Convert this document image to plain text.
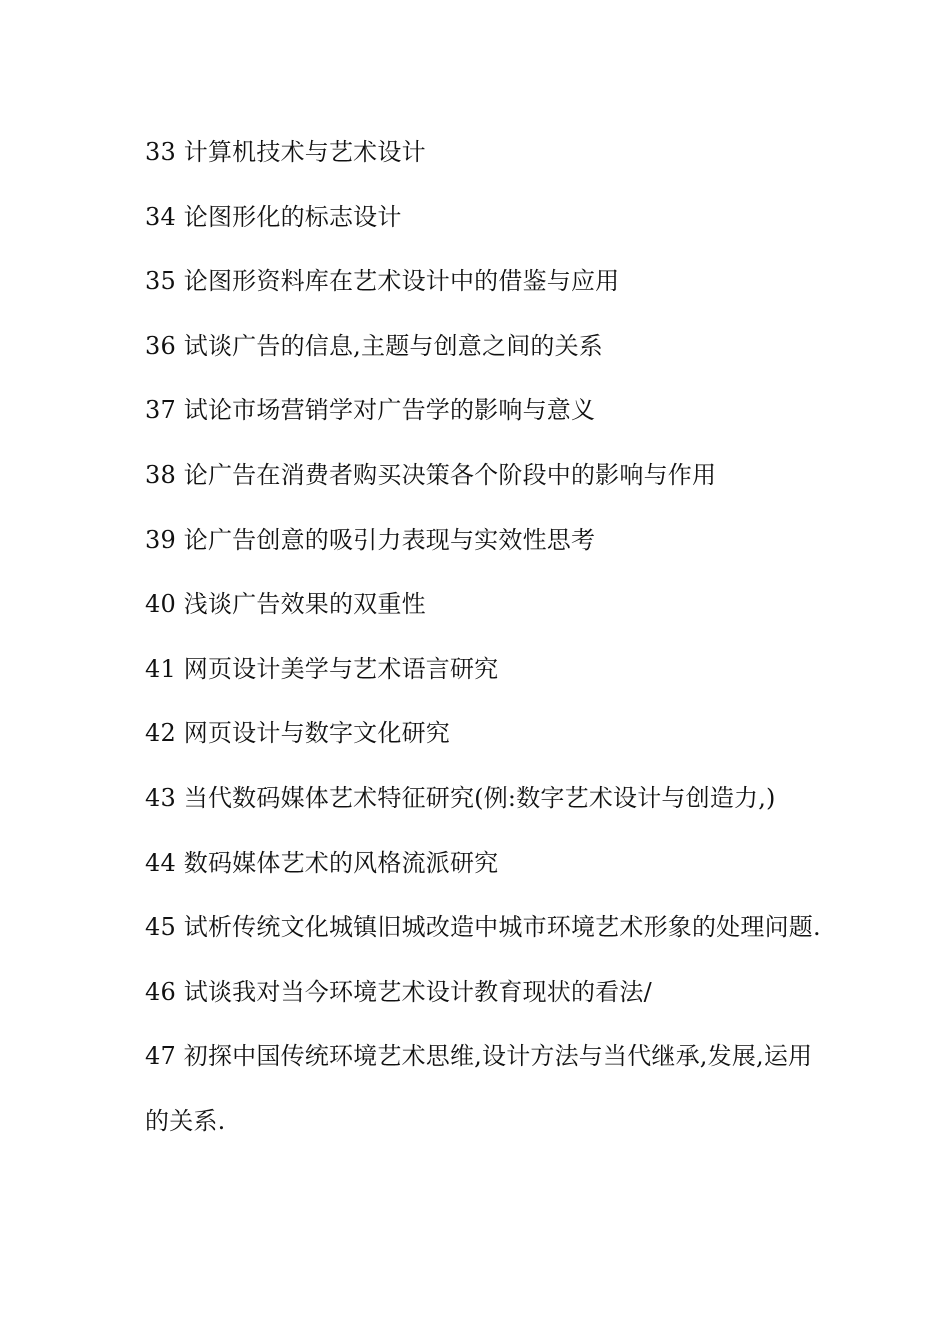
33 计算机技术与艺术设计

34 论图形化的标志设计

35 论图形资料库在艺术设计中的借鉴与应用

36 试谈广告的信息,主题与创意之间的关系

37 试论市场营销学对广告学的影响与意义

38 论广告在消费者购买决策各个阶段中的影响与作用

39 论广告创意的吸引力表现与实效性思考

40 浅谈广告效果的双重性

41 网页设计美学与艺术语言研究

42 网页设计与数字文化研究

43 当代数码媒体艺术特征研究(例:数字艺术设计与创造力,)

44 数码媒体艺术的风格流派研究

45 试析传统文化城镇旧城改造中城市环境艺术形象的处理问题.

46 试谈我对当今环境艺术设计教育现状的看法/

47 初探中国传统环境艺术思维,设计方法与当代继承,发展,运用的关系.
